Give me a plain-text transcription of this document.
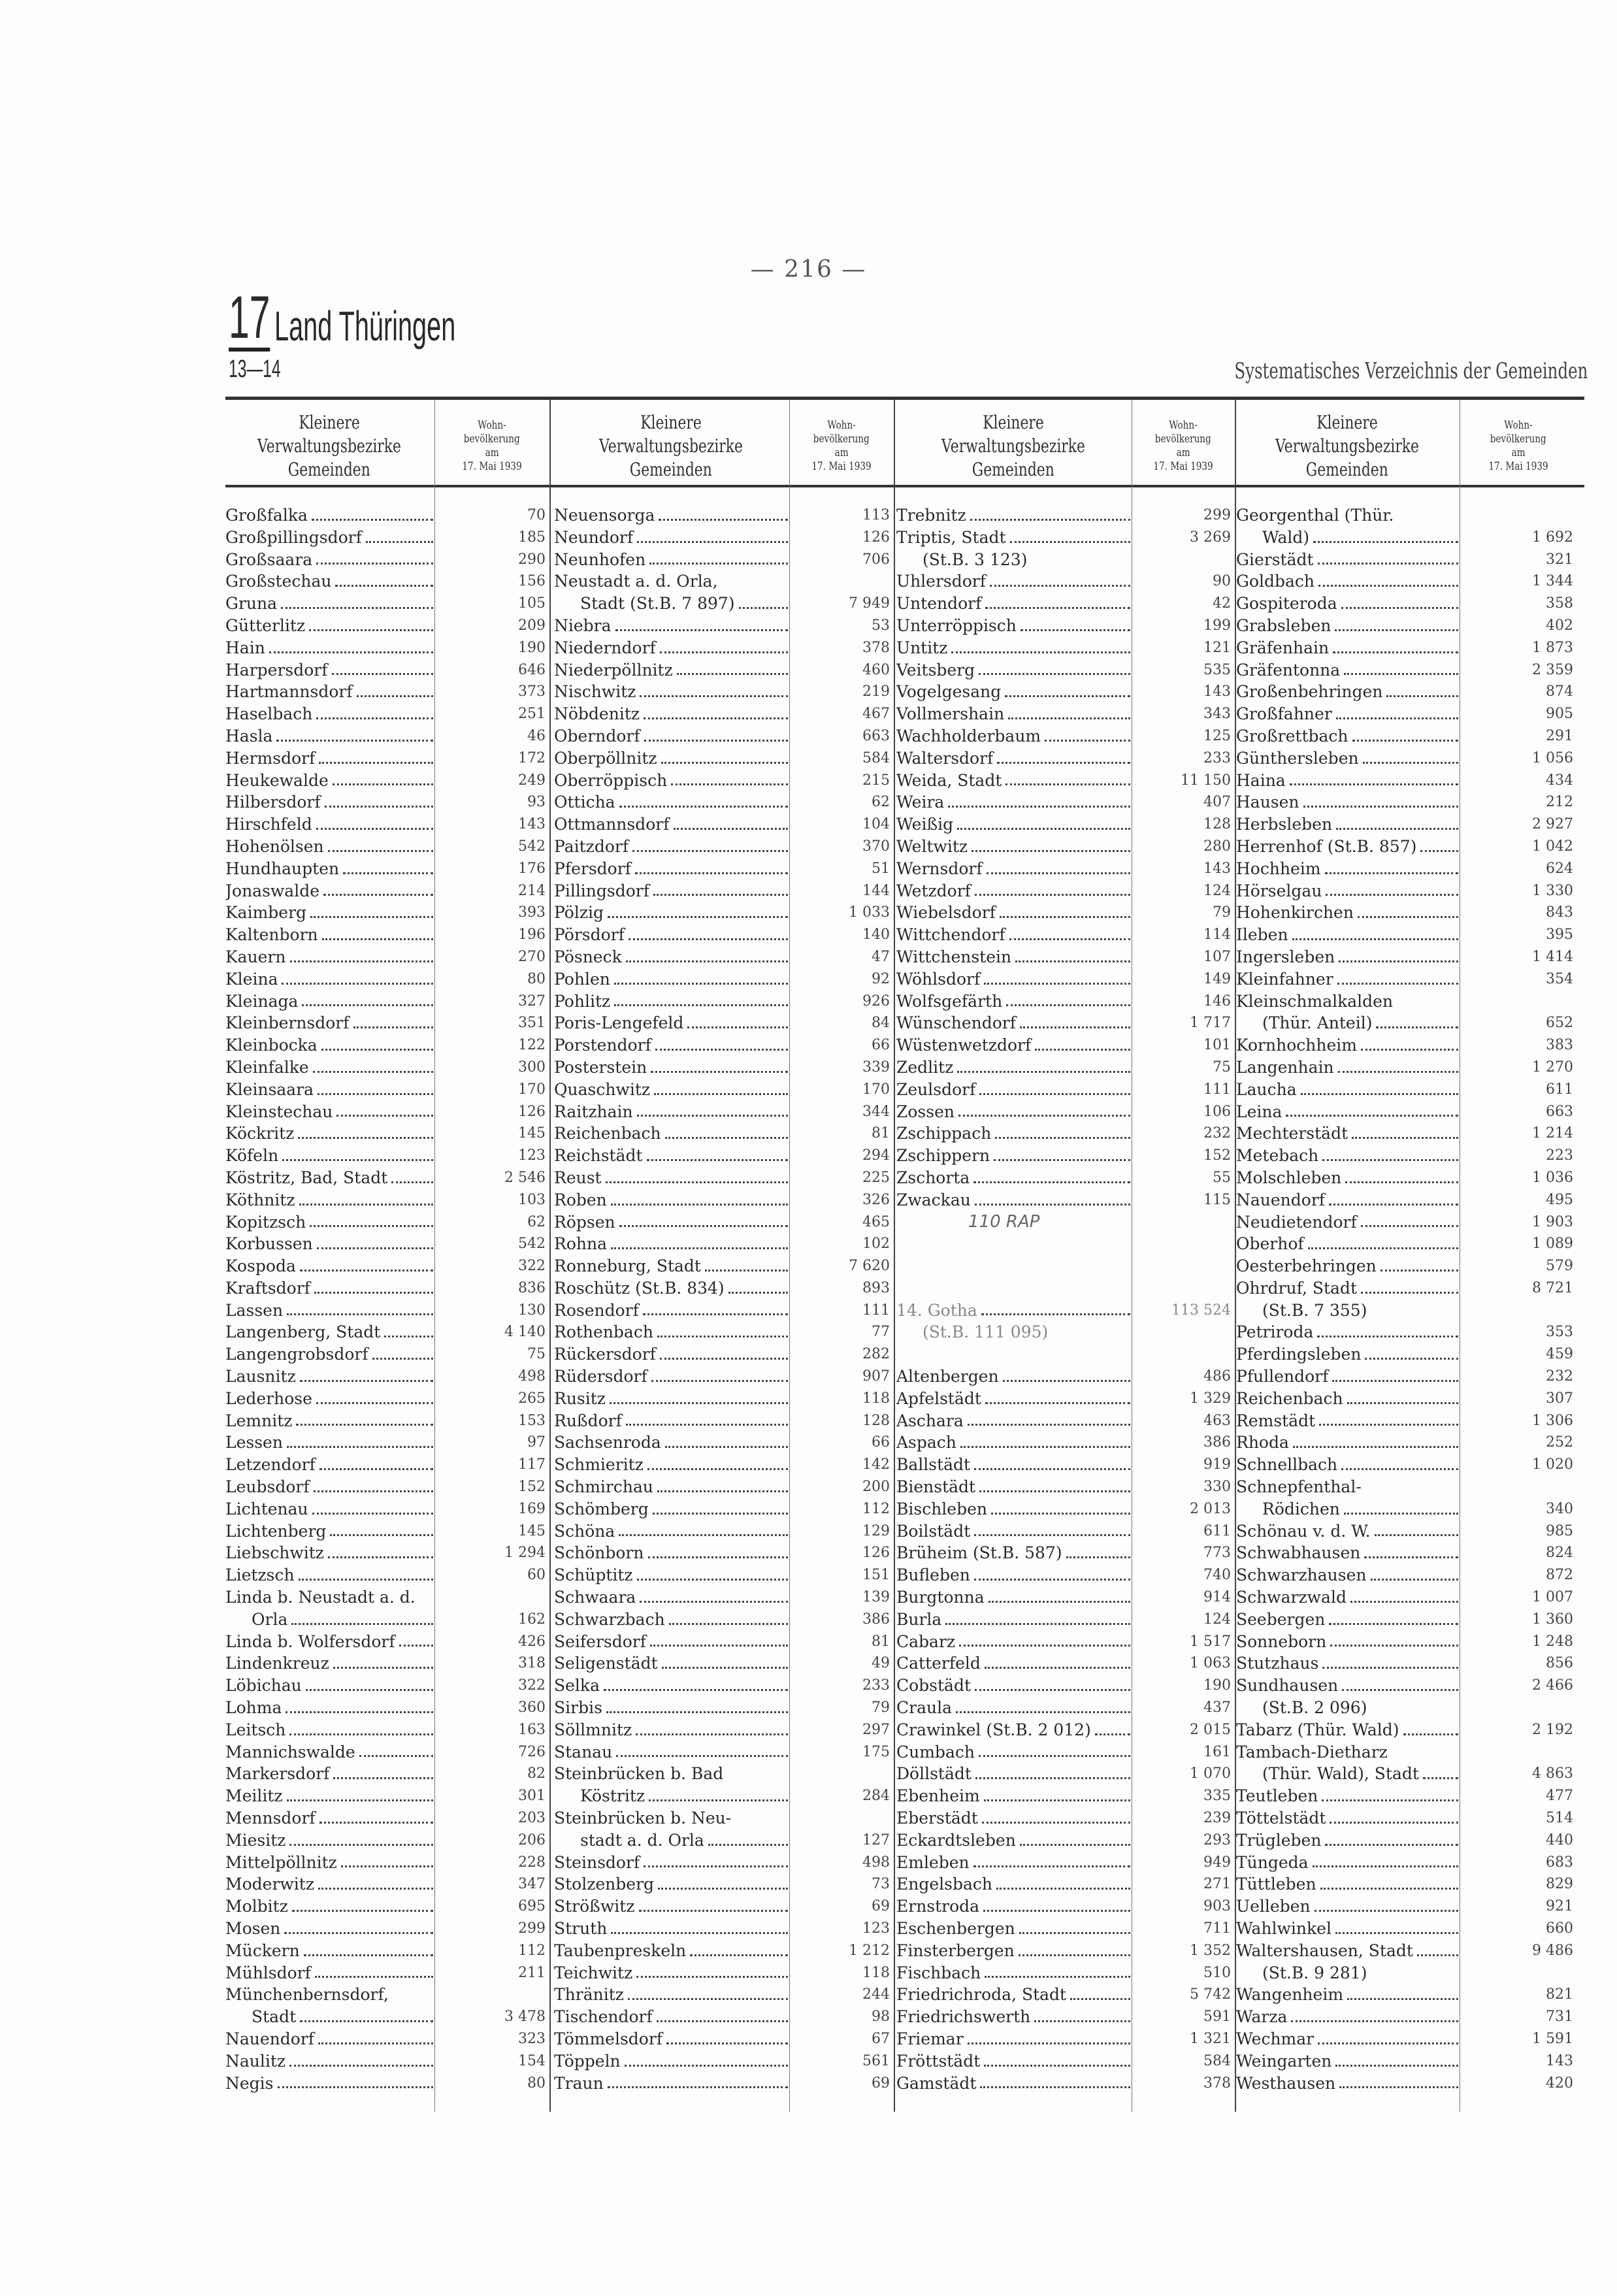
— 216 —
17 Land Thüringen
13—14	Systematisches Verzeichnis der Gemeinden
Kleinere
Verwaltungsbezirke
Gemeinden
Wohn-
bevölkerung
am
17. Mai 1939
Kleinere
Verwaltungsbezirke
Gemeinden
Wohn-
bevölkerung
am
17. Mai 1939
Kleinere
Verwaltungsbezirke
Gemeinden
Wohn-
bevölkerung
am
17. Mai 1939
Kleinere
Verwaltungsbezirke
Gemeinden
Wohn-
bevölkerung
am
17. Mai 1939
Großfalka	70
Großpillingsdorf	185
Großsaara	290
Großstechau	156
Gruna	105
Gütterlitz	209
Hain	190
Harpersdorf	646
Hartmannsdorf	373
Haselbach	251
Hasla	46
Hermsdorf	172
Heukewalde	249
Hilbersdorf	93
Hirschfeld	143
Hohenölsen	542
Hundhaupten	176
Jonaswalde	214
Kaimberg	393
Kaltenborn	196
Kauern	270
Kleina	80
Kleinaga	327
Kleinbernsdorf	351
Kleinbocka	122
Kleinfalke	300
Kleinsaara	170
Kleinstechau	126
Köckritz	145
Köfeln	123
Köstritz, Bad, Stadt	2 546
Köthnitz	103
Kopitzsch	62
Korbussen	542
Kospoda	322
Kraftsdorf	836
Lassen	130
Langenberg, Stadt	4 140
Langengrobsdorf	75
Lausnitz	498
Lederhose	265
Lemnitz	153
Lessen	97
Letzendorf	117
Leubsdorf	152
Lichtenau	169
Lichtenberg	145
Liebschwitz	1 294
Lietzsch	60
Linda b. Neustadt a. d.
Orla	162
Linda b. Wolfersdorf	426
Lindenkreuz	318
Löbichau	322
Lohma	360
Leitsch	163
Mannichswalde	726
Markersdorf	82
Meilitz	301
Mennsdorf	203
Miesitz	206
Mittelpöllnitz	228
Moderwitz	347
Molbitz	695
Mosen	299
Mückern	112
Mühlsdorf	211
Münchenbernsdorf,
Stadt	3 478
Nauendorf	323
Naulitz	154
Negis	80
Neuensorga	113
Neundorf	126
Neunhofen	706
Neustadt a. d. Orla,
Stadt (St.B. 7 897)	7 949
Niebra	53
Niederndorf	378
Niederpöllnitz	460
Nischwitz	219
Nöbdenitz	467
Oberndorf	663
Oberpöllnitz	584
Oberröppisch	215
Otticha	62
Ottmannsdorf	104
Paitzdorf	370
Pfersdorf	51
Pillingsdorf	144
Pölzig	1 033
Pörsdorf	140
Pösneck	47
Pohlen	92
Pohlitz	926
Poris-Lengefeld	84
Porstendorf	66
Posterstein	339
Quaschwitz	170
Raitzhain	344
Reichenbach	81
Reichstädt	294
Reust	225
Roben	326
Röpsen	465
Rohna	102
Ronneburg, Stadt	7 620
Roschütz (St.B. 834)	893
Rosendorf	111
Rothenbach	77
Rückersdorf	282
Rüdersdorf	907
Rusitz	118
Rußdorf	128
Sachsenroda	66
Schmieritz	142
Schmirchau	200
Schömberg	112
Schöna	129
Schönborn	126
Schüptitz	151
Schwaara	139
Schwarzbach	386
Seifersdorf	81
Seligenstädt	49
Selka	233
Sirbis	79
Söllmnitz	297
Stanau	175
Steinbrücken b. Bad
Köstritz	284
Steinbrücken b. Neu-
stadt a. d. Orla	127
Steinsdorf	498
Stolzenberg	73
Strößwitz	69
Struth	123
Taubenpreskeln	1 212
Teichwitz	118
Thränitz	244
Tischendorf	98
Tömmelsdorf	67
Töppeln	561
Traun	69
Trebnitz	299
Triptis, Stadt	3 269
(St.B. 3 123)
Uhlersdorf	90
Untendorf	42
Unterröppisch	199
Untitz	121
Veitsberg	535
Vogelgesang	143
Vollmershain	343
Wachholderbaum	125
Waltersdorf	233
Weida, Stadt	11 150
Weira	407
Weißig	128
Weltwitz	280
Wernsdorf	143
Wetzdorf	124
Wiebelsdorf	79
Wittchendorf	114
Wittchenstein	107
Wöhlsdorf	149
Wolfsgefärth	146
Wünschendorf	1 717
Wüstenwetzdorf	101
Zedlitz	75
Zeulsdorf	111
Zossen	106
Zschippach	232
Zschippern	152
Zschorta	55
Zwackau	115
110 RAP
14. Gotha	113 524
(St.B. 111 095)
Altenbergen	486
Apfelstädt	1 329
Aschara	463
Aspach	386
Ballstädt	919
Bienstädt	330
Bischleben	2 013
Boilstädt	611
Brüheim (St.B. 587)	773
Bufleben	740
Burgtonna	914
Burla	124
Cabarz	1 517
Catterfeld	1 063
Cobstädt	190
Craula	437
Crawinkel (St.B. 2 012)	2 015
Cumbach	161
Döllstädt	1 070
Ebenheim	335
Eberstädt	239
Eckardtsleben	293
Emleben	949
Engelsbach	271
Ernstroda	903
Eschenbergen	711
Finsterbergen	1 352
Fischbach	510
Friedrichroda, Stadt	5 742
Friedrichswerth	591
Friemar	1 321
Fröttstädt	584
Gamstädt	378
Georgenthal (Thür.
Wald)	1 692
Gierstädt	321
Goldbach	1 344
Gospiteroda	358
Grabsleben	402
Gräfenhain	1 873
Gräfentonna	2 359
Großenbehringen	874
Großfahner	905
Großrettbach	291
Günthersleben	1 056
Haina	434
Hausen	212
Herbsleben	2 927
Herrenhof (St.B. 857)	1 042
Hochheim	624
Hörselgau	1 330
Hohenkirchen	843
Ileben	395
Ingersleben	1 414
Kleinfahner	354
Kleinschmalkalden
(Thür. Anteil)	652
Kornhochheim	383
Langenhain	1 270
Laucha	611
Leina	663
Mechterstädt	1 214
Metebach	223
Molschleben	1 036
Nauendorf	495
Neudietendorf	1 903
Oberhof	1 089
Oesterbehringen	579
Ohrdruf, Stadt	8 721
(St.B. 7 355)
Petriroda	353
Pferdingsleben	459
Pfullendorf	232
Reichenbach	307
Remstädt	1 306
Rhoda	252
Schnellbach	1 020
Schnepfenthal-
Rödichen	340
Schönau v. d. W.	985
Schwabhausen	824
Schwarzhausen	872
Schwarzwald	1 007
Seebergen	1 360
Sonneborn	1 248
Stutzhaus	856
Sundhausen	2 466
(St.B. 2 096)
Tabarz (Thür. Wald)	2 192
Tambach-Dietharz
(Thür. Wald), Stadt	4 863
Teutleben	477
Töttelstädt	514
Trügleben	440
Tüngeda	683
Tüttleben	829
Uelleben	921
Wahlwinkel	660
Waltershausen, Stadt	9 486
(St.B. 9 281)
Wangenheim	821
Warza	731
Wechmar	1 591
Weingarten	143
Westhausen	420
